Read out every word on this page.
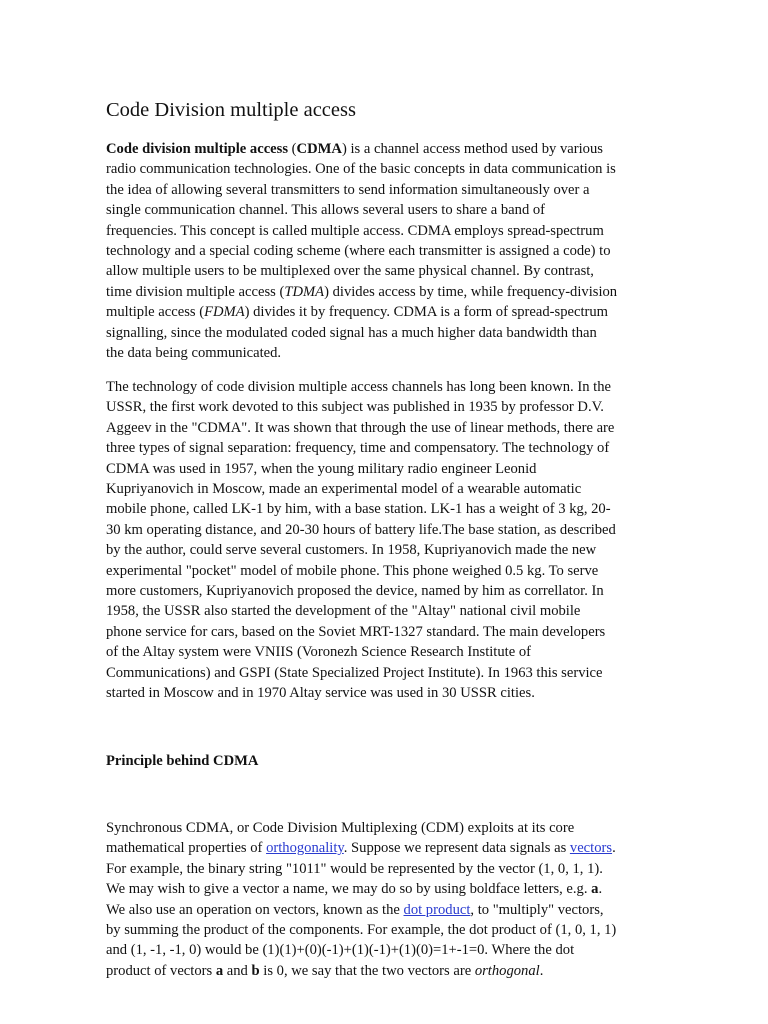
Code Division multiple access

Code division multiple access (CDMA) is a channel access method used by various
radio communication technologies. One of the basic concepts in data communication is
the idea of allowing several transmitters to send information simultaneously over a
single communication channel. This allows several users to share a band of
frequencies. This concept is called multiple access. CDMA employs spread-spectrum
technology and a special coding scheme (where each transmitter is assigned a code) to
allow multiple users to be multiplexed over the same physical channel. By contrast,
time division multiple access (TDMA) divides access by time, while frequency-division
multiple access (FDMA) divides it by frequency. CDMA is a form of spread-spectrum
signalling, since the modulated coded signal has a much higher data bandwidth than
the data being communicated.

The technology of code division multiple access channels has long been known. In the
USSR, the first work devoted to this subject was published in 1935 by professor D.V.
Aggeev in the "CDMA". It was shown that through the use of linear methods, there are
three types of signal separation: frequency, time and compensatory. The technology of
CDMA was used in 1957, when the young military radio engineer Leonid
Kupriyanovich in Moscow, made an experimental model of a wearable automatic
mobile phone, called LK-1 by him, with a base station. LK-1 has a weight of 3 kg, 20-
30 km operating distance, and 20-30 hours of battery life.The base station, as described
by the author, could serve several customers. In 1958, Kupriyanovich made the new
experimental "pocket" model of mobile phone. This phone weighed 0.5 kg. To serve
more customers, Kupriyanovich proposed the device, named by him as correllator. In
1958, the USSR also started the development of the "Altay" national civil mobile
phone service for cars, based on the Soviet MRT-1327 standard. The main developers
of the Altay system were VNIIS (Voronezh Science Research Institute of
Communications) and GSPI (State Specialized Project Institute). In 1963 this service
started in Moscow and in 1970 Altay service was used in 30 USSR cities.

Principle behind CDMA

Synchronous CDMA, or Code Division Multiplexing (CDM) exploits at its core
mathematical properties of orthogonality. Suppose we represent data signals as vectors.
For example, the binary string "1011" would be represented by the vector (1, 0, 1, 1).
We may wish to give a vector a name, we may do so by using boldface letters, e.g. a.
We also use an operation on vectors, known as the dot product, to "multiply" vectors,
by summing the product of the components. For example, the dot product of (1, 0, 1, 1)
and (1, -1, -1, 0) would be (1)(1)+(0)(-1)+(1)(-1)+(1)(0)=1+-1=0. Where the dot
product of vectors a and b is 0, we say that the two vectors are orthogonal.
